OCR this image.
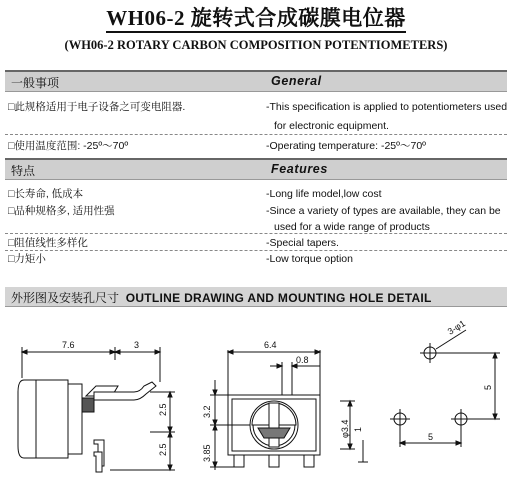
WH06-2 旋转式合成碳膜电位器
(WH06-2 ROTARY CARBON COMPOSITION POTENTIOMETERS)
一般事项	General
□此规格适用于电子设备之可变电阻器.	-This specification is applied to potentiometers used
for electronic equipment.
□使用温度范围: -25º～70º	-Operating temperature: -25º～70º
特点	Features
□长寿命, 低成本	-Long life model,low cost
□品种规格多, 适用性强	-Since a variety of types are available, they can be
used for a wide range of products
□阻值线性多样化	-Special tapers.
□力矩小	-Low torque option
外形图及安装孔尺寸 OUTLINE DRAWING AND MOUNTING HOLE DETAIL
7.6	3
2.5
2.5
6.4
0.8
3.2
3.85
φ3.4 1
3-φ1
5
5
